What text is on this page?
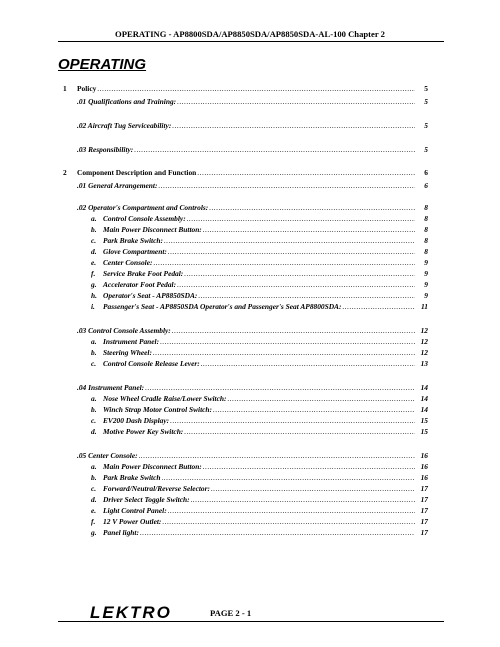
OPERATING - AP8800SDA/AP8850SDA/AP8850SDA-AL-100 Chapter 2
OPERATING
1	Policy .....	5
.01 Qualifications and Training: .....	5
.02 Aircraft Tug Serviceability: .....	5
.03 Responsibility: .....	5
2	Component Description and Function .....	6
.01 General Arrangement: .....	6
.02 Operator's Compartment and Controls: .....	8
a. Control Console Assembly: .....	8
b. Main Power Disconnect Button: .....	8
c. Park Brake Switch: .....	8
d. Glove Compartment: .....	8
e. Center Console: .....	9
f.	Service Brake Foot Pedal: .....	9
g. Accelerator Foot Pedal: .....	9
h. Operator's Seat - AP8850SDA: .....	9
i.	Passenger's Seat - AP8850SDA Operator's and Passenger's Seat AP8800SDA: .....	11
.03 Control Console Assembly: .....	12
a. Instrument Panel: .....	12
b. Steering Wheel: .....	12
c. Control Console Release Lever: .....	13
.04 Instrument Panel: .....	14
a. Nose Wheel Cradle Raise/Lower Switch: .....	14
b. Winch Strap Motor Control Switch: .....	14
c. EV200 Dash Display: .....	15
d. Motive Power Key Switch: .....	15
.05 Center Console: .....	16
a. Main Power Disconnect Button: .....	16
b. Park Brake Switch .....	16
c. Forward/Neutral/Reverse Selector: .....	17
d. Driver Select Toggle Switch: .....	17
e. Light Control Panel: .....	17
f.	12 V Power Outlet: .....	17
g. Panel light: .....	17
LEKTRO	PAGE 2 - 1
